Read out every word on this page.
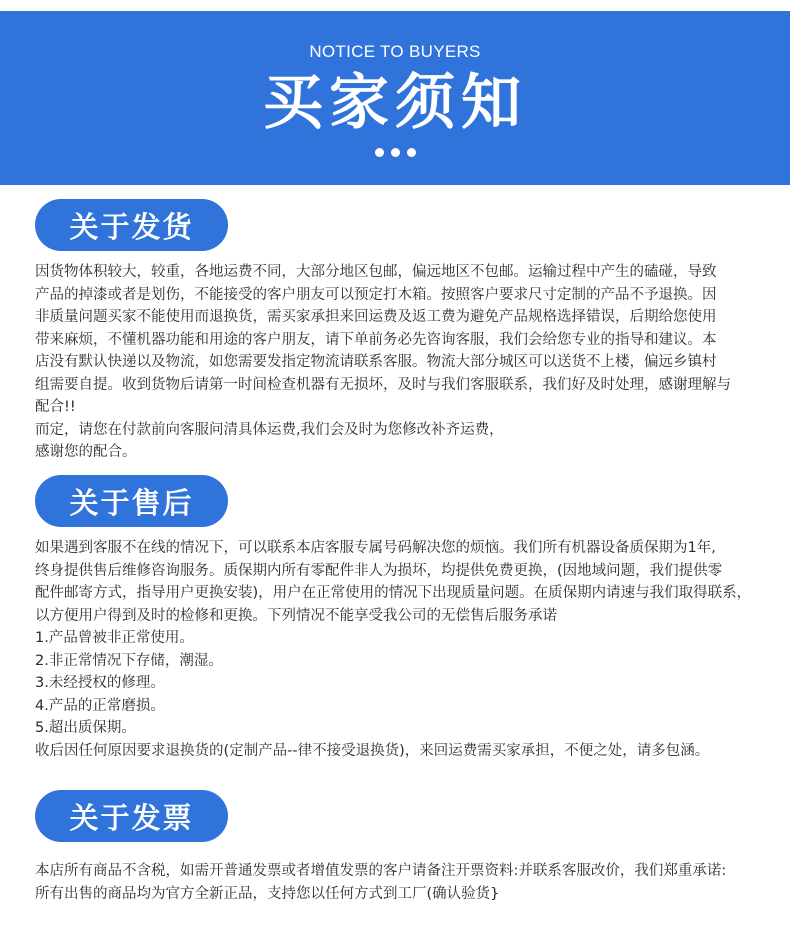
NOTICE TO BUYERS
买家须知
关于发货

因货物体积较大，较重，各地运费不同，大部分地区包邮，偏远地区不包邮。运输过程中产生的磕碰，导致

产品的掉漆或者是划伤，不能接受的客户朋友可以预定打木箱。按照客户要求尺寸定制的产品不予退换。因

非质量问题买家不能使用而退换货，需买家承担来回运费及返工费为避免产品规格选择错误，后期给您使用

带来麻烦，不懂机器功能和用途的客户朋友，请下单前务必先咨询客服，我们会给您专业的指导和建议。本

店没有默认快递以及物流，如您需要发指定物流请联系客服。物流大部分城区可以送货不上楼，偏远乡镇村

组需要自提。收到货物后请第一时间检查机器有无损坏，及时与我们客服联系，我们好及时处理，感谢理解与

配合!!

而定，请您在付款前向客服问清具体运费,我们会及时为您修改补齐运费，

感谢您的配合。

关于售后

如果遇到客服不在线的情况下，可以联系本店客服专属号码解决您的烦恼。我们所有机器设备质保期为1年,

终身提供售后维修咨询服务。质保期内所有零配件非人为损坏，均提供免费更换，(因地域问题，我们提供零

配件邮寄方式，指导用户更换安装)，用户在正常使用的情况下出现质量问题。在质保期内请速与我们取得联系，

以方便用户得到及时的检修和更换。下列情况不能享受我公司的无偿售后服务承诺

1.产品曾被非正常使用。

2.非正常情况下存储，潮湿。

3.未经授权的修理。

4.产品的正常磨损。

5.超出质保期。

收后因任何原因要求退换货的(定制产品--律不接受退换货)，来回运费需买家承担，不便之处，请多包涵。

关于发票

本店所有商品不含税，如需开普通发票或者增值发票的客户请备注开票资料:并联系客服改价，我们郑重承诺:

所有出售的商品均为官方全新正品，支持您以任何方式到工厂(确认验货}
